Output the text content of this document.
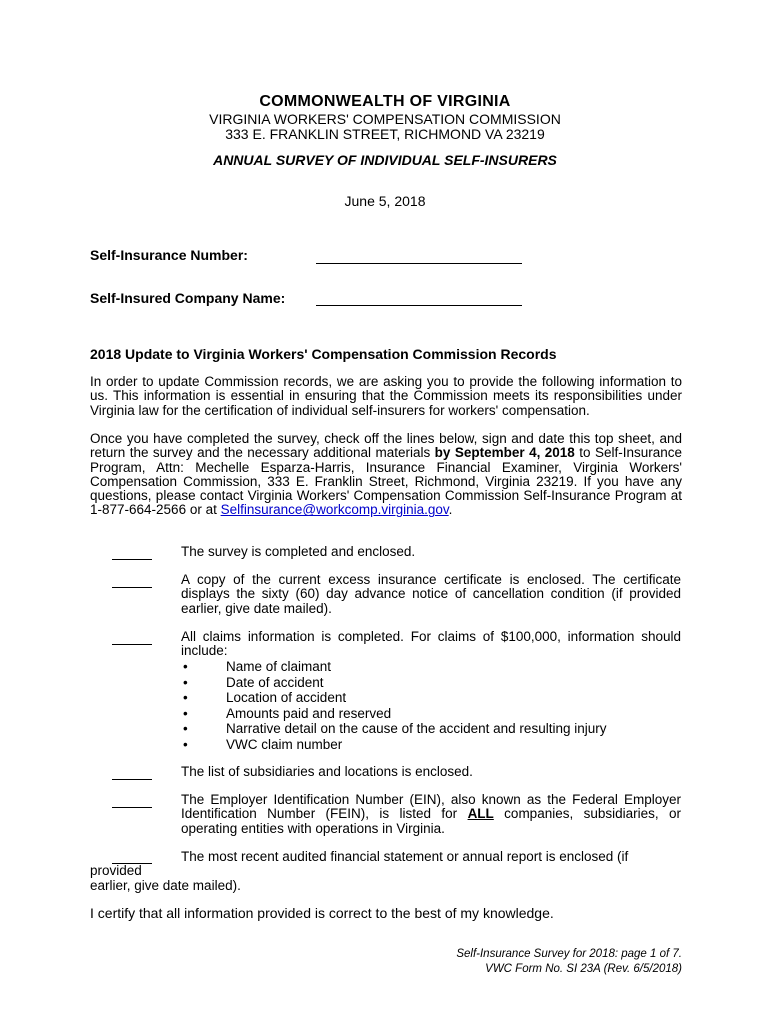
COMMONWEALTH OF VIRGINIA
VIRGINIA WORKERS' COMPENSATION COMMISSION
333 E. FRANKLIN STREET, RICHMOND VA 23219
ANNUAL SURVEY OF INDIVIDUAL SELF-INSURERS
June 5, 2018
Self-Insurance Number:
Self-Insured Company Name:
2018 Update to Virginia Workers' Compensation Commission Records
In order to update Commission records, we are asking you to provide the following information to us. This information is essential in ensuring that the Commission meets its responsibilities under Virginia law for the certification of individual self-insurers for workers' compensation.
Once you have completed the survey, check off the lines below, sign and date this top sheet, and return the survey and the necessary additional materials by September 4, 2018 to Self-Insurance Program, Attn: Mechelle Esparza-Harris, Insurance Financial Examiner, Virginia Workers' Compensation Commission, 333 E. Franklin Street, Richmond, Virginia 23219. If you have any questions, please contact Virginia Workers' Compensation Commission Self-Insurance Program at 1-877-664-2566 or at Selfinsurance@workcomp.virginia.gov.
The survey is completed and enclosed.
A copy of the current excess insurance certificate is enclosed. The certificate displays the sixty (60) day advance notice of cancellation condition (if provided earlier, give date mailed).
All claims information is completed. For claims of $100,000, information should include:
• Name of claimant
• Date of accident
• Location of accident
• Amounts paid and reserved
• Narrative detail on the cause of the accident and resulting injury
• VWC claim number
The list of subsidiaries and locations is enclosed.
The Employer Identification Number (EIN), also known as the Federal Employer Identification Number (FEIN), is listed for ALL companies, subsidiaries, or operating entities with operations in Virginia.
The most recent audited financial statement or annual report is enclosed (if provided
earlier, give date mailed).
I certify that all information provided is correct to the best of my knowledge.
Self-Insurance Survey for 2018: page 1 of 7.
VWC Form No. SI 23A (Rev. 6/5/2018)
